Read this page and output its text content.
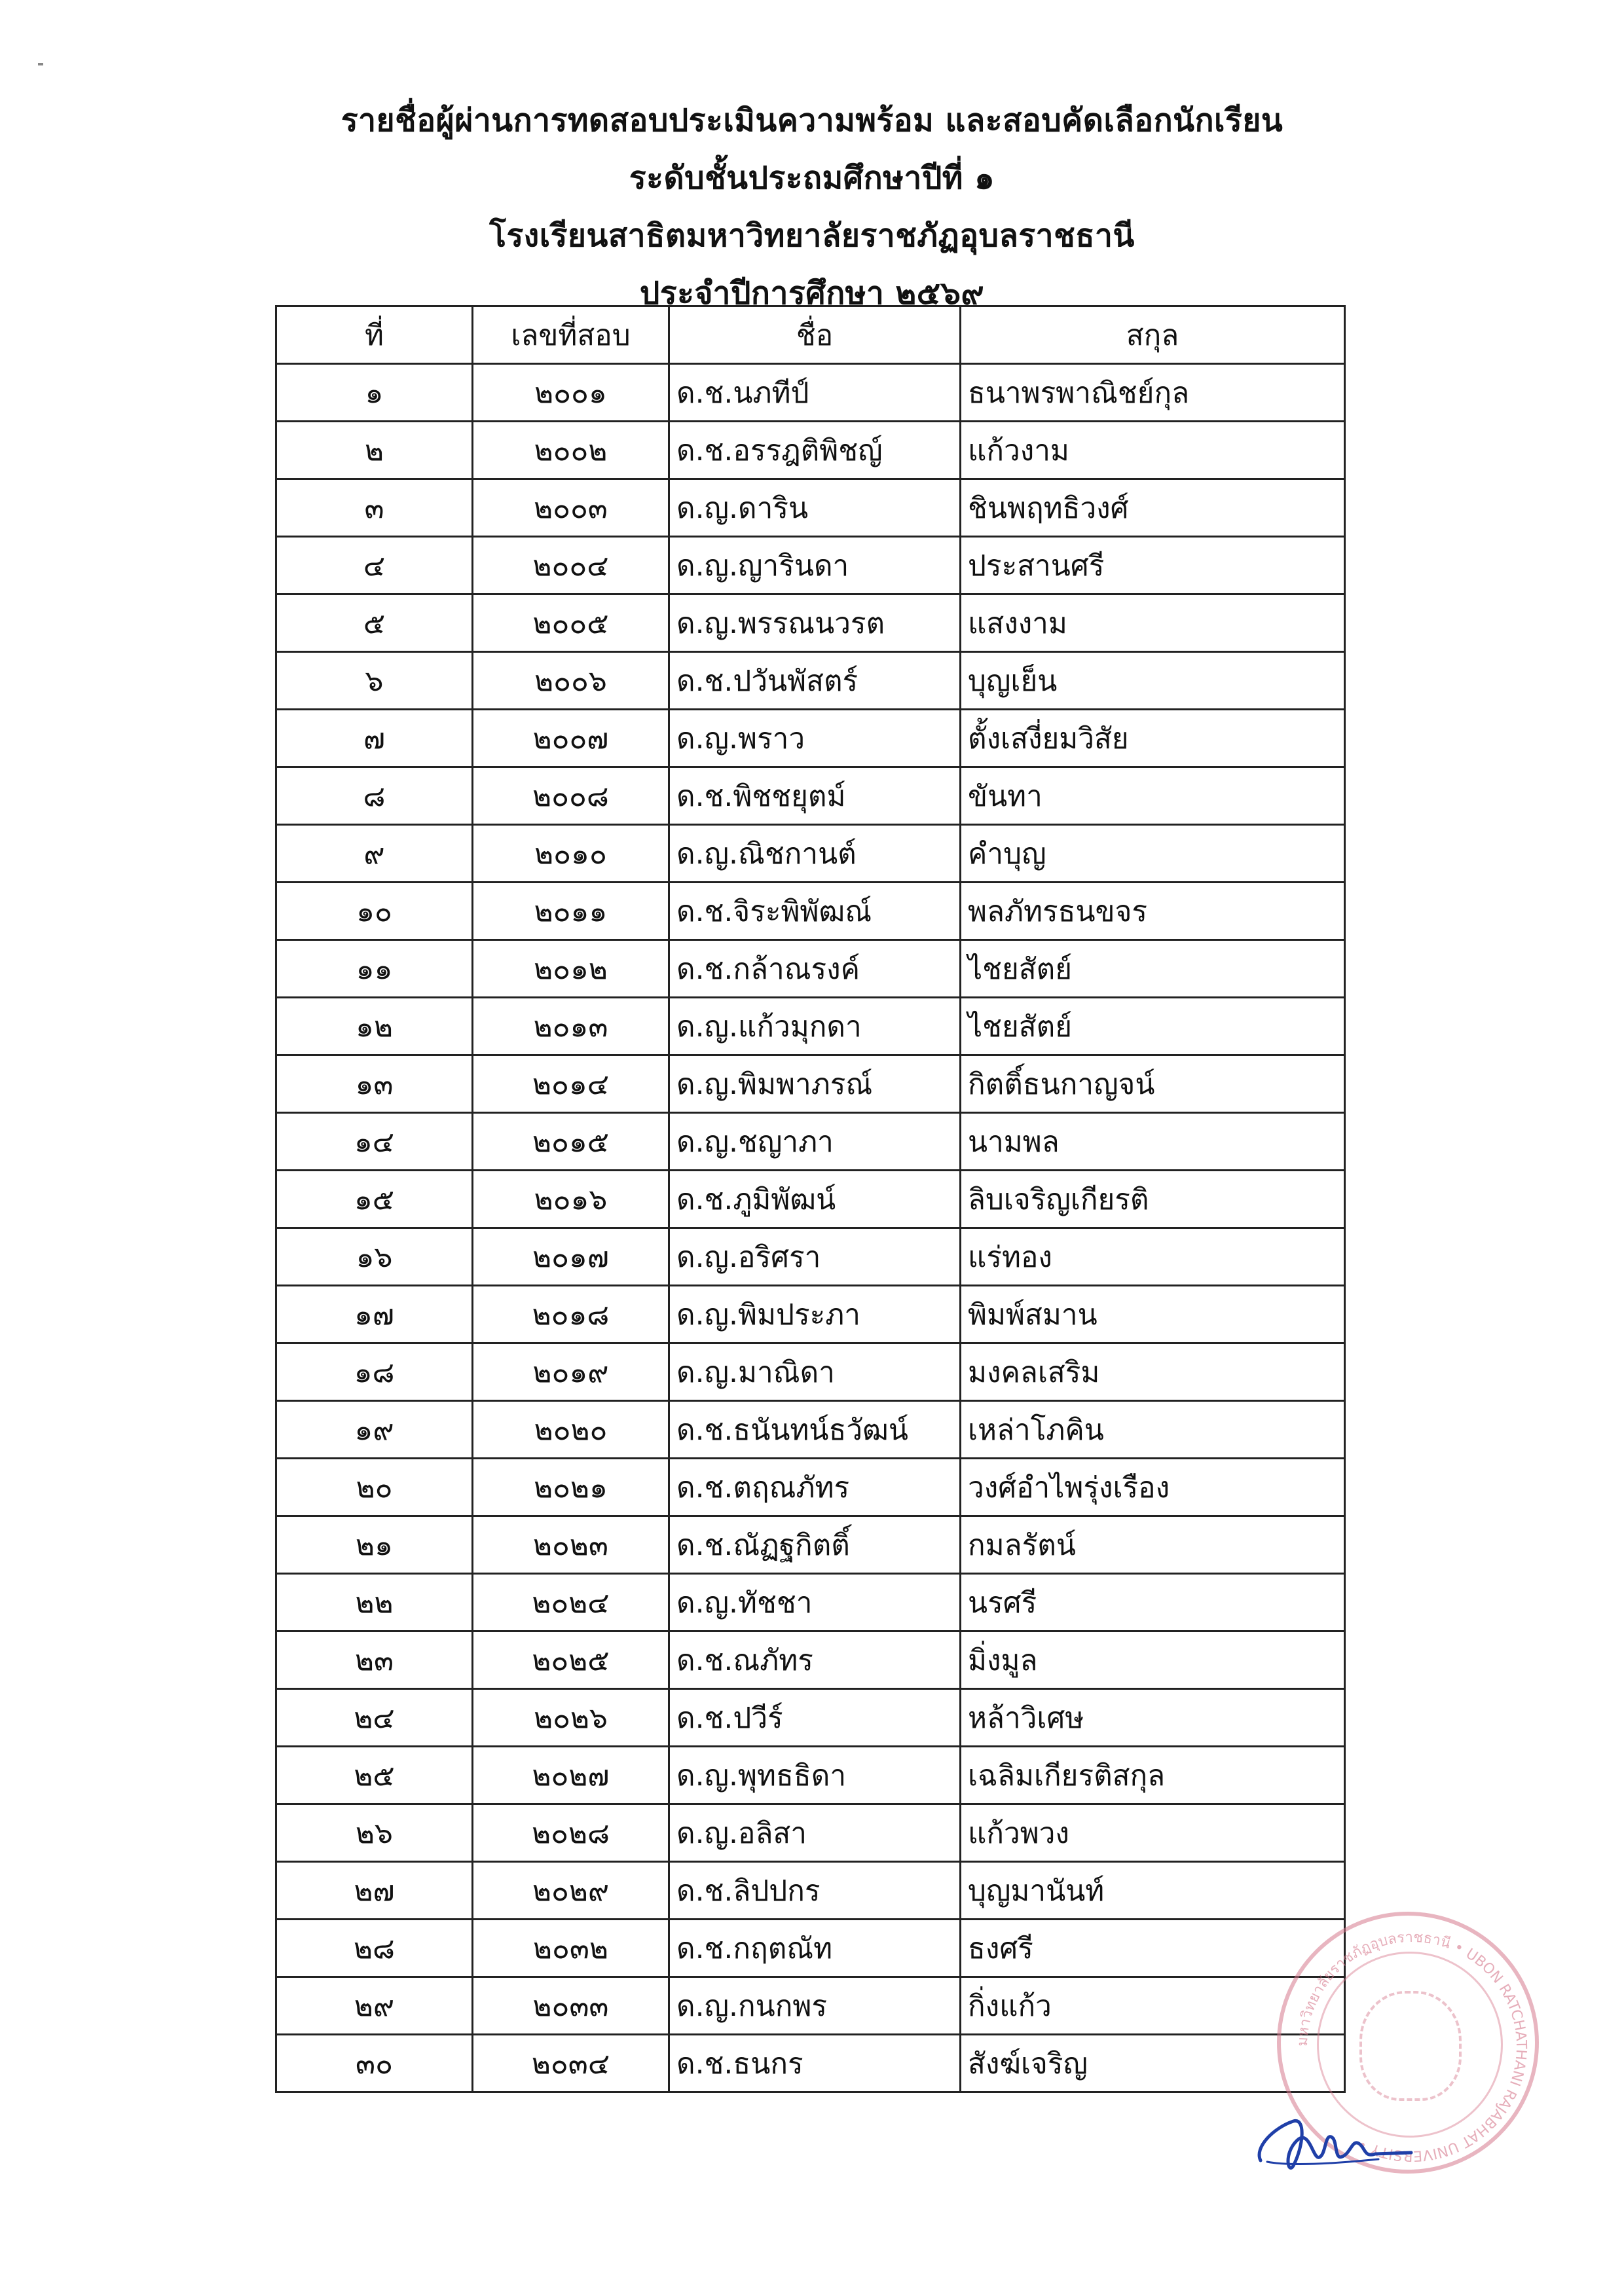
รายชื่อผู้ผ่านการทดสอบประเมินความพร้อม และสอบคัดเลือกนักเรียน
ระดับชั้นประถมศึกษาปีที่ ๑
โรงเรียนสาธิตมหาวิทยาลัยราชภัฏอุบลราชธานี
ประจำปีการศึกษา ๒๕๖๙
ที่	เลขที่สอบ	ชื่อ	สกุล
๑	๒๐๐๑	ด.ช.นภทีป์	ธนาพรพาณิชย์กุล
๒	๒๐๐๒	ด.ช.อรรฎติพิชญ์	แก้วงาม
๓	๒๐๐๓	ด.ญ.ดาริน	ชินพฤทธิวงศ์
๔	๒๐๐๔	ด.ญ.ญารินดา	ประสานศรี
๕	๒๐๐๕	ด.ญ.พรรณนวรต	แสงงาม
๖	๒๐๐๖	ด.ช.ปวันพัสตร์	บุญเย็น
๗	๒๐๐๗	ด.ญ.พราว	ตั้งเสงี่ยมวิสัย
๘	๒๐๐๘	ด.ช.พิชชยุตม์	ขันทา
๙	๒๐๑๐	ด.ญ.ณิชกานต์	คำบุญ
๑๐	๒๐๑๑	ด.ช.จิระพิพัฒณ์	พลภัทรธนขจร
๑๑	๒๐๑๒	ด.ช.กล้าณรงค์	ไชยสัตย์
๑๒	๒๐๑๓	ด.ญ.แก้วมุกดา	ไชยสัตย์
๑๓	๒๐๑๔	ด.ญ.พิมพาภรณ์	กิตติ์ธนกาญจน์
๑๔	๒๐๑๕	ด.ญ.ชญาภา	นามพล
๑๕	๒๐๑๖	ด.ช.ภูมิพัฒน์	ลิบเจริญเกียรติ
๑๖	๒๐๑๗	ด.ญ.อริศรา	แร่ทอง
๑๗	๒๐๑๘	ด.ญ.พิมประภา	พิมพ์สมาน
๑๘	๒๐๑๙	ด.ญ.มาณิดา	มงคลเสริม
๑๙	๒๐๒๐	ด.ช.ธนันทน์ธวัฒน์	เหล่าโภคิน
๒๐	๒๐๒๑	ด.ช.ตฤณภัทร	วงศ์อำไพรุ่งเรือง
๒๑	๒๐๒๓	ด.ช.ณัฏฐกิตติ์	กมลรัตน์
๒๒	๒๐๒๔	ด.ญ.ทัชชา	นรศรี
๒๓	๒๐๒๕	ด.ช.ณภัทร	มิ่งมูล
๒๔	๒๐๒๖	ด.ช.ปวีร์	หล้าวิเศษ
๒๕	๒๐๒๗	ด.ญ.พุทธธิดา	เฉลิมเกียรติสกุล
๒๖	๒๐๒๘	ด.ญ.อลิสา	แก้วพวง
๒๗	๒๐๒๙	ด.ช.ลิปปกร	บุญมานันท์
๒๘	๒๐๓๒	ด.ช.กฤตณัท	ธงศรี
๒๙	๒๐๓๓	ด.ญ.กนกพร	กิ่งแก้ว
๓๐	๒๐๓๔	ด.ช.ธนกร	สังฆ์เจริญ
มหาวิทยาลัยราชภัฏอุบลราชธานี • UBON RATCHATHANI RAJABHAT UNIVERSITY •
